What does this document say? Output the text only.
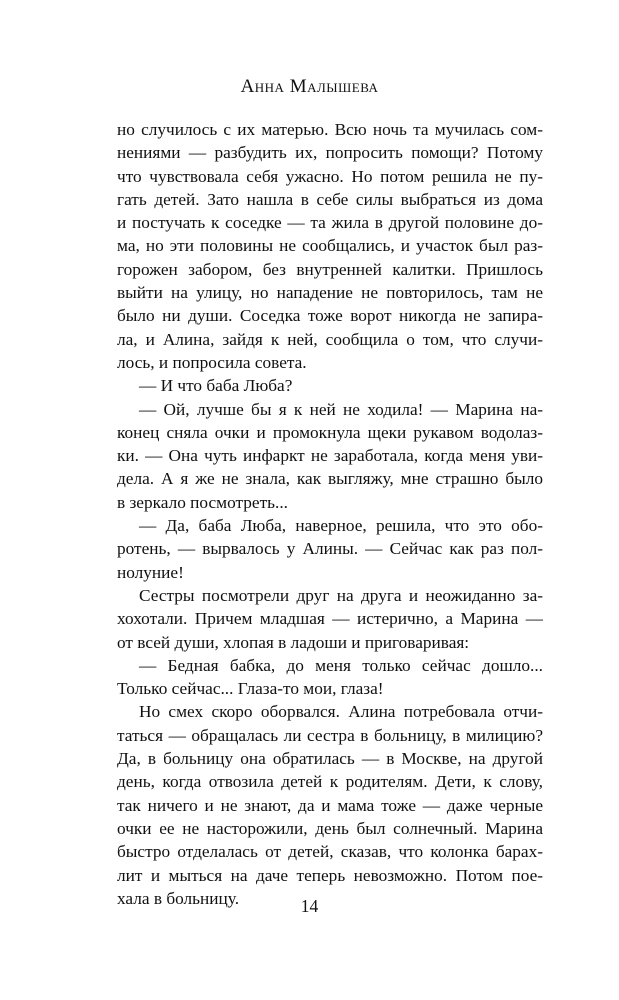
Анна Малышева
но случилось с их матерью. Всю ночь та мучилась сом-
нениями — разбудить их, попросить помощи? Потому
что чувствовала себя ужасно. Но потом решила не пу-
гать детей. Зато нашла в себе силы выбраться из дома
и постучать к соседке — та жила в другой половине до-
ма, но эти половины не сообщались, и участок был раз-
горожен забором, без внутренней калитки. Пришлось
выйти на улицу, но нападение не повторилось, там не
было ни души. Соседка тоже ворот никогда не запира-
ла, и Алина, зайдя к ней, сообщила о том, что случи-
лось, и попросила совета.
— И что баба Люба?
— Ой, лучше бы я к ней не ходила! — Марина на-
конец сняла очки и промокнула щеки рукавом водолаз-
ки. — Она чуть инфаркт не заработала, когда меня уви-
дела. А я же не знала, как выгляжу, мне страшно было
в зеркало посмотреть...
— Да, баба Люба, наверное, решила, что это обо-
ротень, — вырвалось у Алины. — Сейчас как раз пол-
нолуние!
Сестры посмотрели друг на друга и неожиданно за-
хохотали. Причем младшая — истерично, а Марина —
от всей души, хлопая в ладоши и приговаривая:
— Бедная бабка, до меня только сейчас дошло...
Только сейчас... Глаза-то мои, глаза!
Но смех скоро оборвался. Алина потребовала отчи-
таться — обращалась ли сестра в больницу, в милицию?
Да, в больницу она обратилась — в Москве, на другой
день, когда отвозила детей к родителям. Дети, к слову,
так ничего и не знают, да и мама тоже — даже черные
очки ее не насторожили, день был солнечный. Марина
быстро отделалась от детей, сказав, что колонка барах-
лит и мыться на даче теперь невозможно. Потом пое-
хала в больницу.	14
